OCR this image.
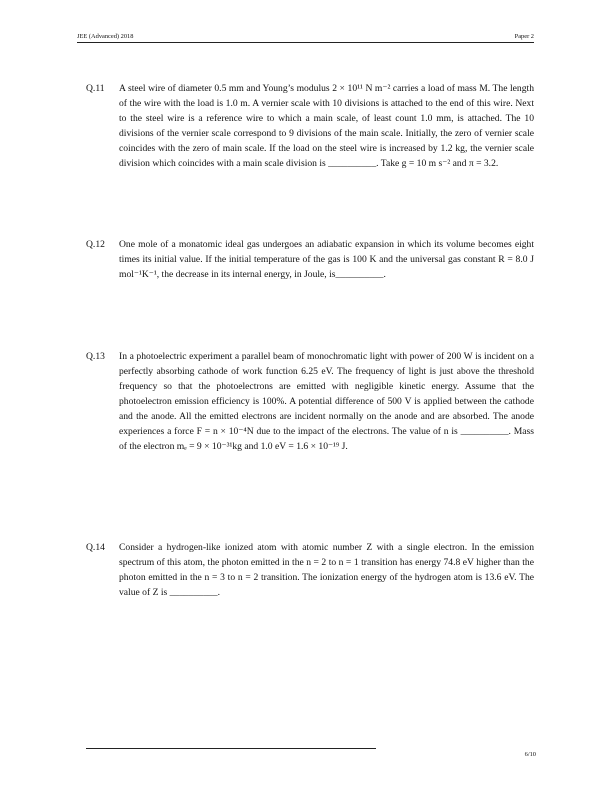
JEE (Advanced) 2018	Paper 2
Q.11 A steel wire of diameter 0.5 mm and Young’s modulus 2 × 10¹¹ N m⁻² carries a load of mass M. The length of the wire with the load is 1.0 m. A vernier scale with 10 divisions is attached to the end of this wire. Next to the steel wire is a reference wire to which a main scale, of least count 1.0 mm, is attached. The 10 divisions of the vernier scale correspond to 9 divisions of the main scale. Initially, the zero of vernier scale coincides with the zero of main scale. If the load on the steel wire is increased by 1.2 kg, the vernier scale division which coincides with a main scale division is __________. Take g = 10 m s⁻² and π = 3.2.
Q.12 One mole of a monatomic ideal gas undergoes an adiabatic expansion in which its volume becomes eight times its initial value. If the initial temperature of the gas is 100 K and the universal gas constant R = 8.0 J mol⁻¹K⁻¹, the decrease in its internal energy, in Joule, is__________.
Q.13 In a photoelectric experiment a parallel beam of monochromatic light with power of 200 W is incident on a perfectly absorbing cathode of work function 6.25 eV. The frequency of light is just above the threshold frequency so that the photoelectrons are emitted with negligible kinetic energy. Assume that the photoelectron emission efficiency is 100%. A potential difference of 500 V is applied between the cathode and the anode. All the emitted electrons are incident normally on the anode and are absorbed. The anode experiences a force F = n × 10⁻⁴N due to the impact of the electrons. The value of n is __________. Mass of the electron mₑ = 9 × 10⁻³¹kg and 1.0 eV = 1.6 × 10⁻¹⁹ J.
Q.14 Consider a hydrogen-like ionized atom with atomic number Z with a single electron. In the emission spectrum of this atom, the photon emitted in the n = 2 to n = 1 transition has energy 74.8 eV higher than the photon emitted in the n = 3 to n = 2 transition. The ionization energy of the hydrogen atom is 13.6 eV. The value of Z is __________.
6/10
